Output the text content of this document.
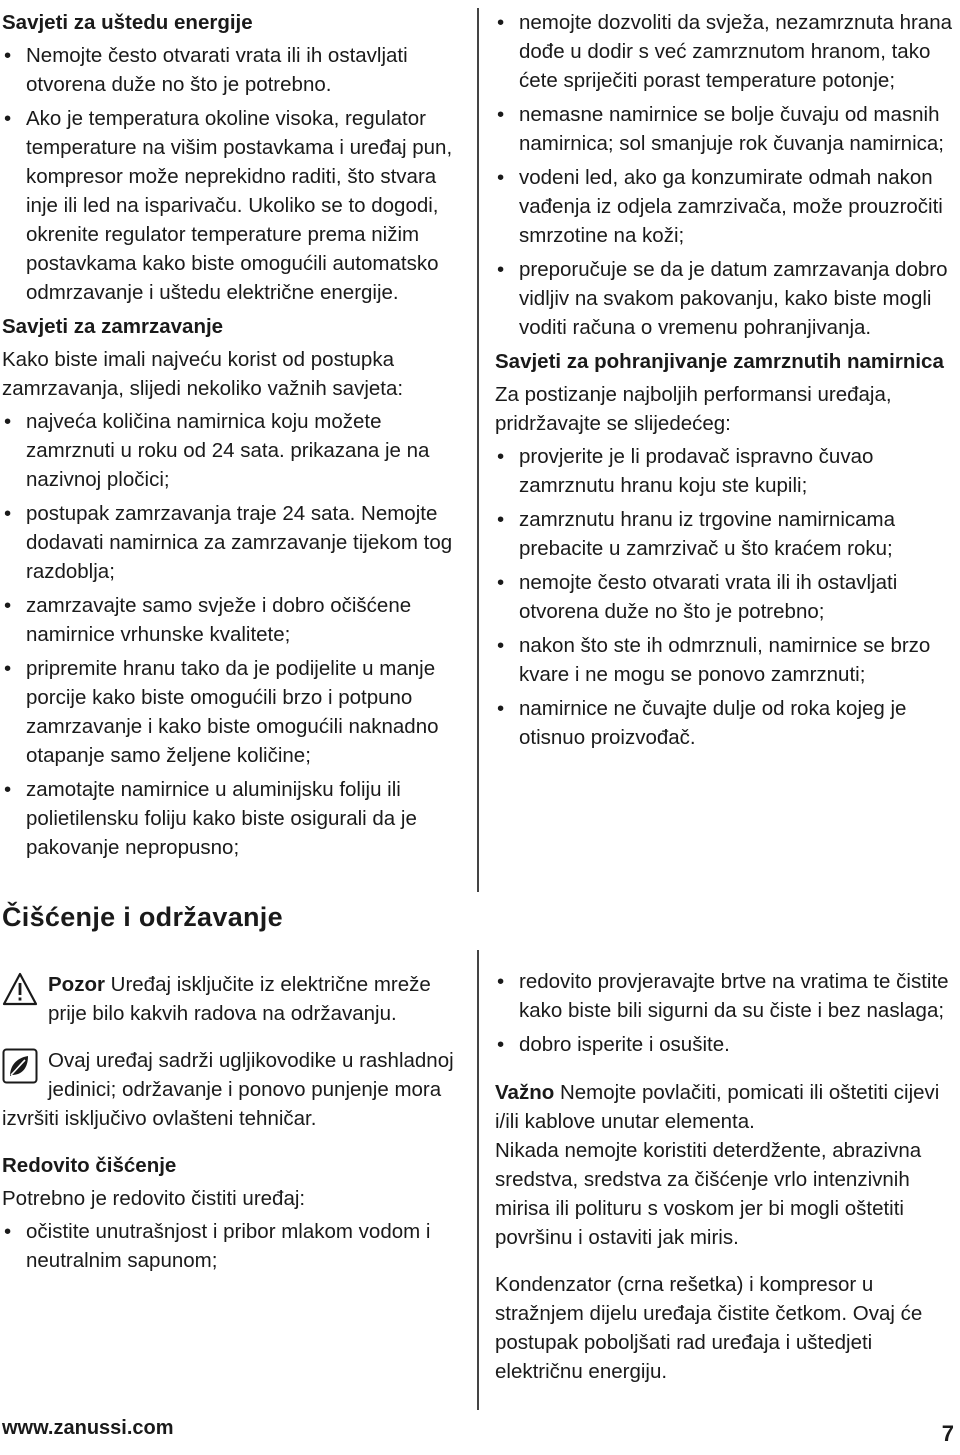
Savjeti za uštedu energije
• Nemojte često otvarati vrata ili ih ostavljati otvorena duže no što je potrebno.
• Ako je temperatura okoline visoka, regulator temperature na višim postavkama i uređaj pun, kompresor može neprekidno raditi, što stvara inje ili led na isparivaču. Ukoliko se to dogodi, okrenite regulator temperature prema nižim postavkama kako biste omogućili automatsko odmrzavanje i uštedu električne energije.
Savjeti za zamrzavanje

Kako biste imali najveću korist od postupka zamrzavanja, slijedi nekoliko važnih savjeta:

• najveća količina namirnica koju možete zamrznuti u roku od 24 sata. prikazana je na nazivnoj pločici;
• postupak zamrzavanja traje 24 sata. Nemojte dodavati namirnica za zamrzavanje tijekom tog razdoblja;
• zamrzavajte samo svježe i dobro očišćene namirnice vrhunske kvalitete;
• pripremite hranu tako da je podijelite u manje porcije kako biste omogućili brzo i potpuno zamrzavanje i kako biste omogućili naknadno otapanje samo željene količine;
• zamotajte namirnice u aluminijsku foliju ili polietilensku foliju kako biste osigurali da je pakovanje nepropusno;
• nemojte dozvoliti da svježa, nezamrznuta hrana dođe u dodir s već zamrznutom hranom, tako ćete spriječiti porast temperature potonje;
• nemasne namirnice se bolje čuvaju od masnih namirnica; sol smanjuje rok čuvanja namirnica;
• vodeni led, ako ga konzumirate odmah nakon vađenja iz odjela zamrzivača, može prouzročiti smrzotine na koži;
• preporučuje se da je datum zamrzavanja dobro vidljiv na svakom pakovanju, kako biste mogli voditi računa o vremenu pohranjivanja.
Savjeti za pohranjivanje zamrznutih namirnica

Za postizanje najboljih performansi uređaja, pridržavajte se slijedećeg:

• provjerite je li prodavač ispravno čuvao zamrznutu hranu koju ste kupili;
• zamrznutu hranu iz trgovine namirnicama prebacite u zamrzivač u što kraćem roku;
• nemojte često otvarati vrata ili ih ostavljati otvorena duže no što je potrebno;
• nakon što ste ih odmrznuli, namirnice se brzo kvare i ne mogu se ponovo zamrznuti;
• namirnice ne čuvajte dulje od roka kojeg je otisnuo proizvođač.
Čišćenje i održavanje
Pozor Uređaj isključite iz električne mreže prije bilo kakvih radova na održavanju.
Ovaj uređaj sadrži ugljikovodike u rashladnoj jedinici; održavanje i ponovo punjenje mora izvršiti isključivo ovlašteni tehničar.
Redovito čišćenje

Potrebno je redovito čistiti uređaj:

• očistite unutrašnjost i pribor mlakom vodom i neutralnim sapunom;
• redovito provjeravajte brtve na vratima te čistite kako biste bili sigurni da su čiste i bez naslaga;
• dobro isperite i osušite.

Važno Nemojte povlačiti, pomicati ili oštetiti cijevi i/ili kablove unutar elementa.
Nikada nemojte koristiti deterdžente, abrazivna sredstva, sredstva za čišćenje vrlo intenzivnih mirisa ili polituru s voskom jer bi mogli oštetiti površinu i ostaviti jak miris.

Kondenzator (crna rešetka) i kompresor u stražnjem dijelu uređaja čistite četkom. Ovaj će postupak poboljšati rad uređaja i uštedjeti električnu energiju.

www.zanussi.com	7
